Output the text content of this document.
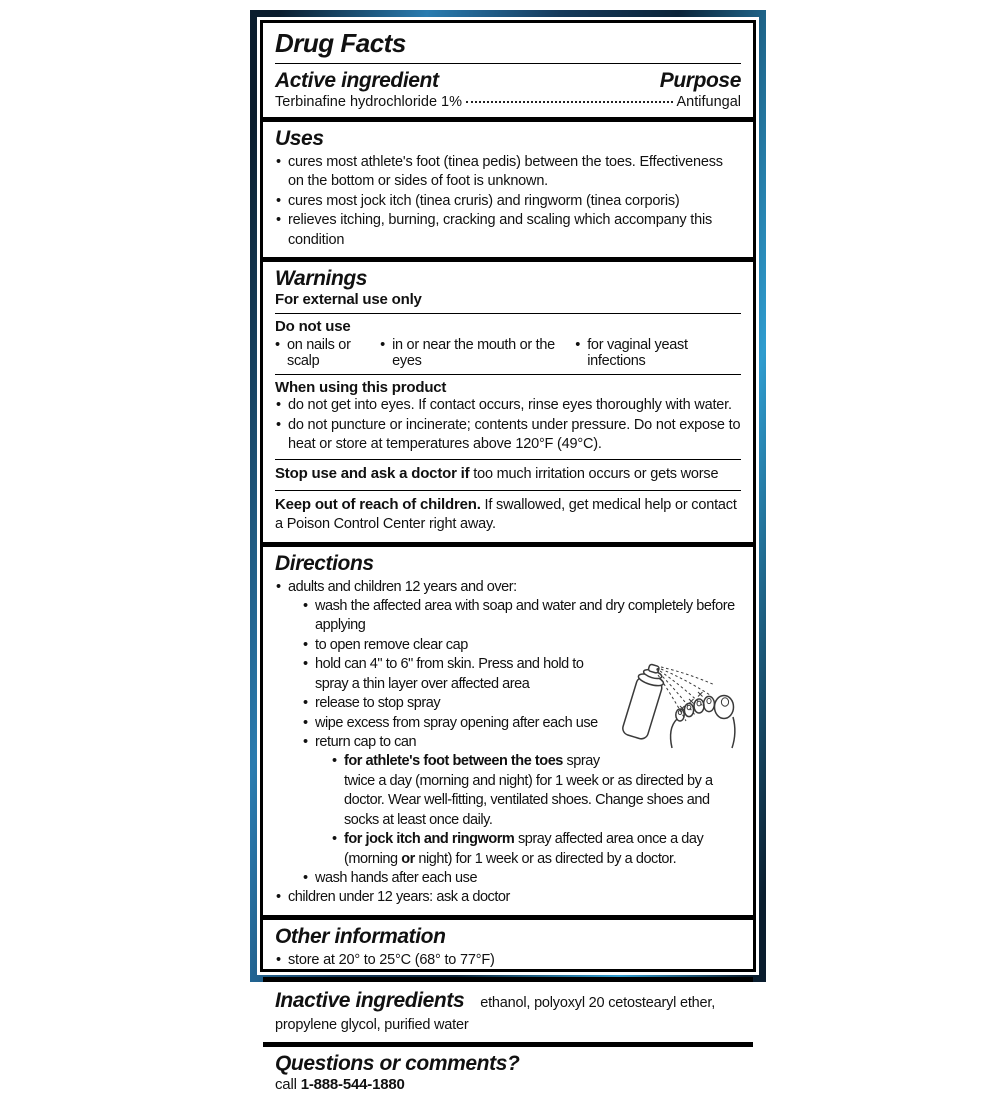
Drug Facts
Active ingredient	Purpose
Terbinafine hydrochloride 1%	Antifungal
Uses
• cures most athlete's foot (tinea pedis) between the toes. Effectiveness on the bottom or sides of foot is unknown.
• cures most jock itch (tinea cruris) and ringworm (tinea corporis)
• relieves itching, burning, cracking and scaling which accompany this condition
Warnings
For external use only
Do not use
• on nails or scalp
• in or near the mouth or the eyes
• for vaginal yeast infections
When using this product
• do not get into eyes. If contact occurs, rinse eyes thoroughly with water.
• do not puncture or incinerate; contents under pressure. Do not expose to heat or store at temperatures above 120°F (49°C).
Stop use and ask a doctor if too much irritation occurs or gets worse
Keep out of reach of children. If swallowed, get medical help or contact a Poison Control Center right away.
Directions
• adults and children 12 years and over:
• wash the affected area with soap and water and dry completely before applying
• to open remove clear cap
• hold can 4" to 6" from skin. Press and hold to spray a thin layer over affected area
• release to stop spray
• wipe excess from spray opening after each use
• return cap to can
• for athlete's foot between the toes spray twice a day (morning and night) for 1 week or as directed by a doctor. Wear well-fitting, ventilated shoes. Change shoes and socks at least once daily.
• for jock itch and ringworm spray affected area once a day (morning or night) for 1 week or as directed by a doctor.
• wash hands after each use
• children under 12 years: ask a doctor
Other information
• store at 20° to 25°C (68° to 77°F)
Inactive ingredients ethanol, polyoxyl 20 cetostearyl ether, propylene glycol, purified water
Questions or comments?
call 1-888-544-1880
